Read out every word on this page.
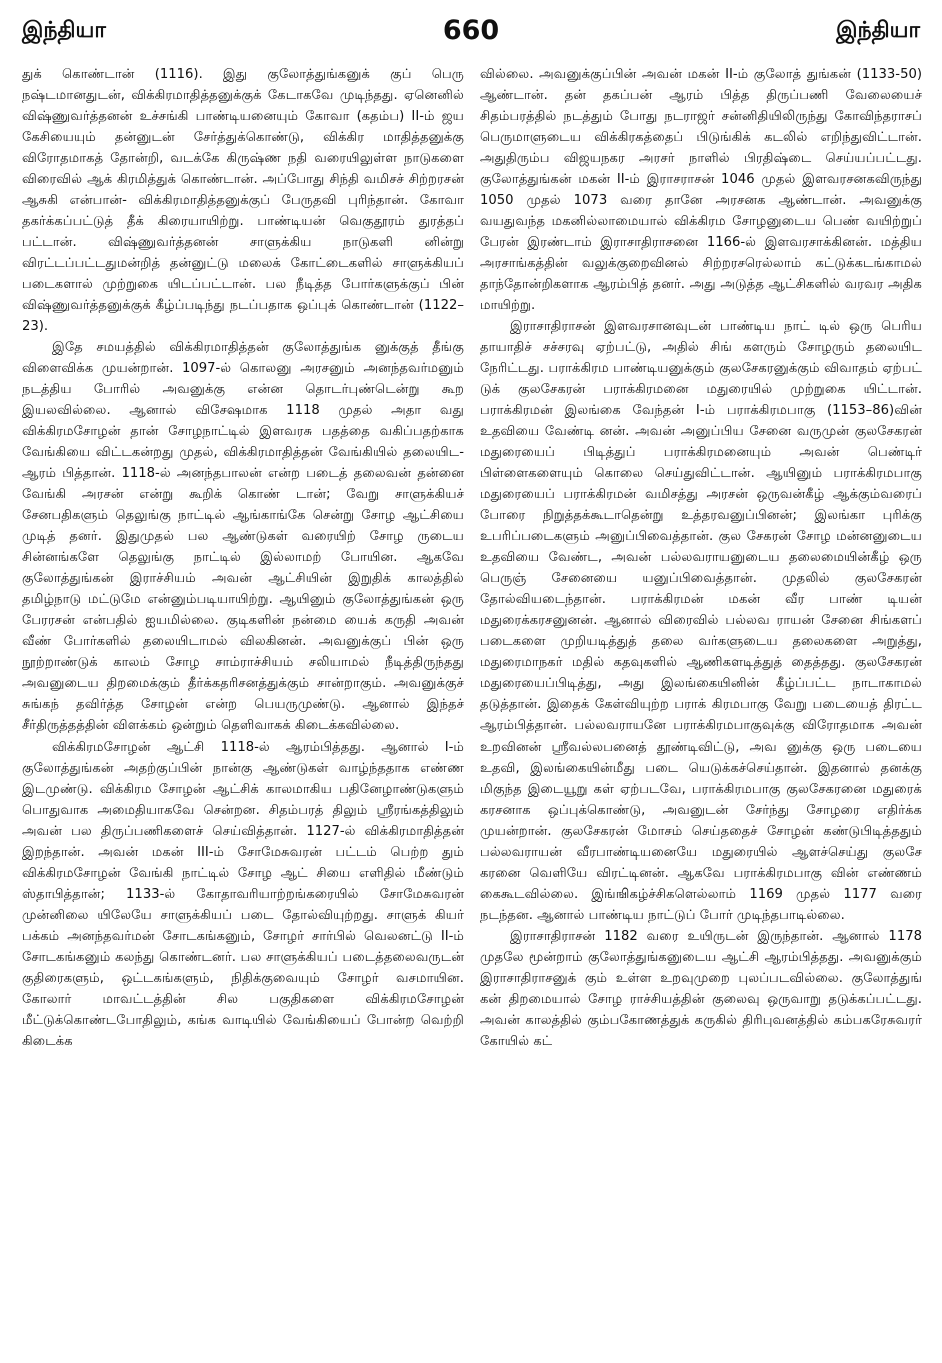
இந்தியா	660	இந்தியா

துக் கொண்டான் (1116). இது குலோத்துங்கனுக் குப் பெரு நஷ்டமானதுடன், விக்கிரமாதித்தனுக்குக் கேடாகவே முடிந்தது. ஏனெனில் விஷ்ணுவர்த்தனன் உச்சங்கி பாண்டியனையும் கோவா (கதம்ப) II-ம் ஜய கேசியையும் தன்னுடன் சேர்த்துக்கொண்டு, விக்கிர மாதித்தனுக்கு விரோதமாகத் தோன்றி, வடக்கே கிருஷ்ண நதி வரையிலுள்ள நாடுகளை விரைவில் ஆக் கிரமித்துக் கொண்டான். அப்போது சிந்தி வமிசச் சிற்றரசன் ஆசுகி என்பான்- விக்கிரமாதித்தனுக்குப் பேருதவி புரிந்தான். கோவா தகர்க்கப்பட்டுத் தீக் கிரையாயிற்று. பாண்டியன் வெகுதூரம் துரத்தப் பட்டான். விஷ்ணுவர்த்தனன் சாளுக்கிய நாடுகளி னின்று விரட்டப்பட்டதுமன்றித் தன்னுட்டு மலைக் கோட்டைகளில் சாளுக்கியப் படைகளால் முற்றுகை யிடப்பட்டான். பல நீடித்த போர்களுக்குப் பின் விஷ்ணுவர்த்தனுக்குக் கீழ்ப்படிந்து நடப்பதாக ஒப்புக் கொண்டான் (1122–23).

இதே சமயத்தில் விக்கிரமாதித்தன் குலோத்துங்க னுக்குத் தீங்கு விளைவிக்க முயன்றான். 1097-ல் கொலனு அரசனும் அனந்தவர்மனும் நடத்திய போரில் அவனுக்கு என்ன தொடர்புண்டென்று கூற இயலவில்லை. ஆனால் விசேஷமாக 1118 முதல் அதா வது விக்கிரமசோழன் தான் சோழநாட்டில் இளவரசு பதத்தை வகிப்பதற்காக வேங்கியை விட்டகன்றது முதல், விக்கிரமாதித்தன் வேங்கியில் தலையிட-ஆரம் பித்தான். 1118-ல் அனந்தபாலன் என்ற படைத் தலைவன் தன்னை வேங்கி அரசன் என்று கூறிக் கொண் டான்; வேறு சாளுக்கியச் சேனபதிகளும் தெலுங்கு நாட்டில் ஆங்காங்கே சென்று சோழ ஆட்சியை முடித் தனர். இதுமுதல் பல ஆண்டுகள் வரையிற் சோழ ருடைய சின்னங்களே தெலுங்கு நாட்டில் இல்லாமற் போயின. ஆகவே குலோத்துங்கன் இராச்சியம் அவன் ஆட்சியின் இறுதிக் காலத்தில் தமிழ்நாடு மட்டுமே என்னும்படியாயிற்று. ஆயினும் குலோத்துங்கன் ஒரு பேரரசன் என்பதில் ஐயமில்லை. குடிகளின் நன்மை யைக் கருதி அவன் வீண் போர்களில் தலையிடாமல் விலகினன். அவனுக்குப் பின் ஒரு நூற்றாண்டுக் காலம் சோழ சாம்ராச்சியம் சலியாமல் நீடித்திருந்தது அவனுடைய திறமைக்கும் தீர்க்கதரிசனத்துக்கும் சான்றாகும். அவனுக்குச் சுங்கந் தவிர்த்த சோழன் என்ற பெயருமுண்டு. ஆனால் இந்தச் சீர்திருத்தத்தின் விளக்கம் ஒன்றும் தெளிவாகக் கிடைக்கவில்லை.

விக்கிரமசோழன் ஆட்சி 1118-ல் ஆரம்பித்தது. ஆனால் I-ம் குலோத்துங்கன் அதற்குப்பின் நான்கு ஆண்டுகள் வாழ்ந்ததாக எண்ண இடமுண்டு. விக்கிரம சோழன் ஆட்சிக் காலமாகிய பதினேழாண்டுகளும் பொதுவாக அமைதியாகவே சென்றன. சிதம்பரத் திலும் ஸ்ரீரங்கத்திலும் அவன் பல திருப்பணிகளைச் செய்வித்தான். 1127-ல் விக்கிரமாதித்தன் இறந்தான். அவன் மகன் III-ம் சோமேசுவரன் பட்டம் பெற்ற தும் விக்கிரமசோழன் வேங்கி நாட்டில் சோழ ஆட் சியை எளிதில் மீண்டும் ஸ்தாபித்தான்; 1133-ல் கோதாவரியாற்றங்கரையில் சோமேசுவரன் முன்னிலை யிலேயே சாளுக்கியப் படை தோல்வியுற்றது. சாளுக் கியர் பக்கம் அனந்தவர்மன் சோடகங்கனும், சோழர் சார்பில் வெலனட்டு II-ம் சோடகங்கனும் கலந்து கொண்டனர். பல சாளுக்கியப் படைத்தலைவருடன் குதிரைகளும், ஒட்டகங்களும், நிதிக்குவையும் சோழர் வசமாயின. கோலார் மாவட்டத்தின் சில பகுதிகளை விக்கிரமசோழன் மீட்டுக்கொண்டபோதிலும், கங்க வாடியில் வேங்கியைப் போன்ற வெற்றி கிடைக்க

வில்லை. அவனுக்குப்பின் அவன் மகன் II-ம் குலோத் துங்கன் (1133-50) ஆண்டான். தன் தகப்பன் ஆரம் பித்த திருப்பணி வேலையைச் சிதம்பரத்தில் நடத்தும் போது நடராஜர் சன்னிதியிலிருந்து கோவிந்தராசப் பெருமாளுடைய விக்கிரகத்தைப் பிடுங்கிக் கடலில் எறிந்துவிட்டான். அதுதிரும்ப விஜயநகர அரசர் நாளில் பிரதிஷ்டை செய்யப்பட்டது. குலோத்துங்கன் மகன் II-ம் இராசராசன் 1046 முதல் இளவரசனகவிருந்து 1050 முதல் 1073 வரை தானே அரசனக ஆண்டான். அவனுக்கு வயதுவந்த மகனில்லாமையால் விக்கிரம சோழனுடைய பெண் வயிற்றுப் பேரன் இரண்டாம் இராசாதிராசனை 1166-ல் இளவரசாக்கினன். மத்திய அரசாங்கத்தின் வலுக்குறைவினல் சிற்றரசரெல்லாம் கட்டுக்கடங்காமல் தாந்தோன்றிகளாக ஆரம்பித் தனர். அது அடுத்த ஆட்சிகளில் வரவர அதிக மாயிற்று.

இராசாதிராசன் இளவரசானவுடன் பாண்டிய நாட் டில் ஒரு பெரிய தாயாதிச் சச்சரவு ஏற்பட்டு, அதில் சிங் களரும் சோழரும் தலையிட நேரிட்டது. பராக்கிரம பாண்டியனுக்கும் குலசேகரனுக்கும் விவாதம் ஏற்பட் டுக் குலசேகரன் பராக்கிரமனை மதுரையில் முற்றுகை யிட்டான். பராக்கிரமன் இலங்கை வேந்தன் I-ம் பராக்கிரமபாகு (1153–86)வின் உதவியை வேண்டி னன். அவன் அனுப்பிய சேனை வருமுன் குலசேகரன் மதுரையைப் பிடித்துப் பராக்கிரமனையும் அவன் பெண்டிர் பிள்ளைகளையும் கொலை செய்துவிட்டான். ஆயினும் பராக்கிரமபாகு மதுரையைப் பராக்கிரமன் வமிசத்து அரசன் ஒருவன்கீழ் ஆக்கும்வரைப் போரை நிறுத்தக்கூடாதென்று உத்தரவனுப்பினன்; இலங்கா புரிக்கு உபரிப்படைகளும் அனுப்பிவைத்தான். குல சேகரன் சோழ மன்னனுடைய உதவியை வேண்ட, அவன் பல்லவராயனுடைய தலைமையின்கீழ் ஒரு பெருஞ் சேனையை யனுப்பிவைத்தான். முதலில் குலசேகரன் தோல்வியடைந்தான். பராக்கிரமன் மகன் வீர பாண் டியன் மதுரைக்கரசனுனன். ஆனால் விரைவில் பல்லவ ராயன் சேனை சிங்களப் படைகளை முறியடித்துத் தலை வர்களுடைய தலைகளை அறுத்து, மதுரைமாநகர் மதில் கதவுகளில் ஆணிகளடித்துத் தைத்தது. குலசேகரன் மதுரையைப்பிடித்து, அது இலங்கையினின் கீழ்ப்பட்ட நாடாகாமல் தடுத்தான். இதைக் கேள்வியுற்ற பராக் கிரமபாகு வேறு படையைத் திரட்ட ஆரம்பித்தான். பல்லவராயனே பராக்கிரமபாகுவுக்கு விரோதமாக அவன் உறவினன் ஸ்ரீவல்லபனைத் தூண்டிவிட்டு, அவ னுக்கு ஒரு படையை உதவி, இலங்கையின்மீது படை யெடுக்கச்செய்தான். இதனால் தனக்கு மிகுந்த இடையூறு கள் ஏற்படவே, பராக்கிரமபாகு குலசேகரனை மதுரைக் கரசனாக ஒப்புக்கொண்டு, அவனுடன் சேர்ந்து சோழரை எதிர்க்க முயன்றான். குலசேகரன் மோசம் செய்ததைச் சோழன் கண்டுபிடித்ததும் பல்லவராயன் வீரபாண்டியனையே மதுரையில் ஆளச்செய்து குலசே கரனை வெளியே விரட்டினன். ஆகவே பராக்கிரமபாகு வின் எண்ணம் கைகூடவில்லை. இங்ஙிகழ்ச்சிகளெல்லாம் 1169 முதல் 1177 வரை நடந்தன. ஆனால் பாண்டிய நாட்டுப் போர் முடிந்தபாடில்லை.

இராசாதிராசன் 1182 வரை உயிருடன் இருந்தான். ஆனால் 1178 முதலே மூன்றாம் குலோத்துங்கனுடைய ஆட்சி ஆரம்பித்தது. அவனுக்கும் இராசாதிராசனுக் கும் உள்ள உறவுமுறை புலப்படவில்லை. குலோத்துங் கன் திறமையால் சோழ ராச்சியத்தின் குலைவு ஒருவாறு தடுக்கப்பட்டது. அவன் காலத்தில் கும்பகோணத்துக் கருகில் திரிபுவனத்தில் கம்பகரேசுவரர் கோயில் கட்
